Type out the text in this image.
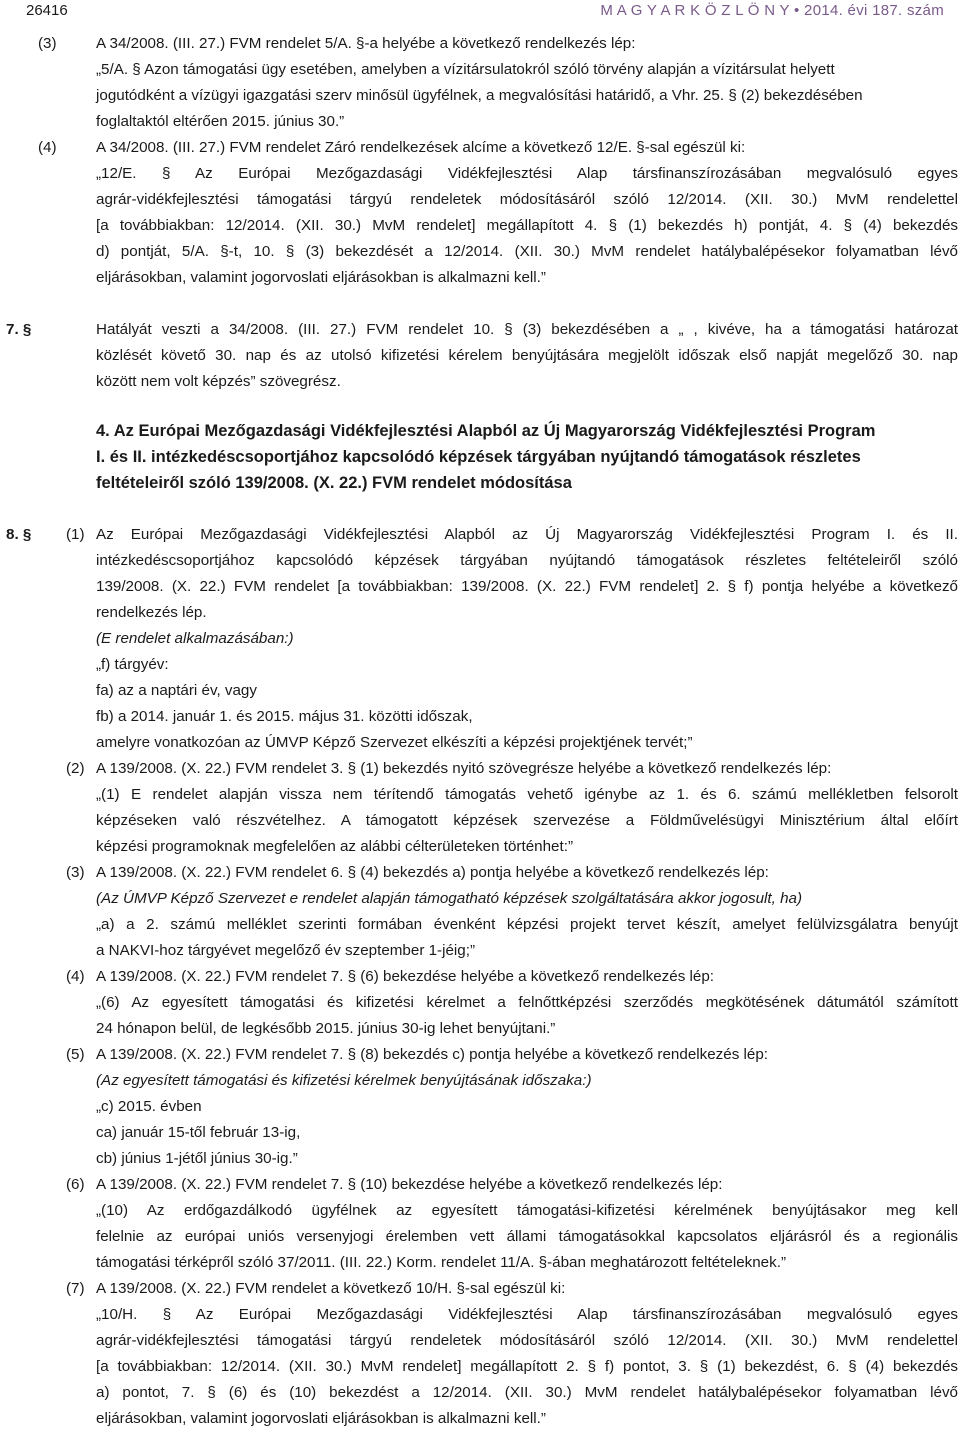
26416	M A G Y A R K Ö Z L Ö N Y • 2014. évi 187. szám
A 34/2008. (III. 27.) FVM rendelet 5/A. §-a helyébe a következő rendelkezés lép:
„5/A. § Azon támogatási ügy esetében, amelyben a vízitársulatokról szóló törvény alapján a vízitársulat helyett
jogutódként a vízügyi igazgatási szerv minősül ügyfélnek, a megvalósítási határidő, a Vhr. 25. § (2) bekezdésében
foglaltaktól eltérően 2015. június 30.”
A 34/2008. (III. 27.) FVM rendelet Záró rendelkezések alcíme a következő 12/E. §-sal egészül ki:
„12/E. § Az Európai Mezőgazdasági Vidékfejlesztési Alap társfinanszírozásában megvalósuló egyes
agrár-vidékfejlesztési támogatási tárgyú rendeletek módosításáról szóló 12/2014. (XII. 30.) MvM rendelettel
[a továbbiakban: 12/2014. (XII. 30.) MvM rendelet] megállapított 4. § (1) bekezdés h) pontját, 4. § (4) bekezdés
d) pontját, 5/A. §-t, 10. § (3) bekezdését a 12/2014. (XII. 30.) MvM rendelet hatálybalépésekor folyamatban lévő
eljárásokban, valamint jogorvoslati eljárásokban is alkalmazni kell.”
Hatályát veszti a 34/2008. (III. 27.) FVM rendelet 10. § (3) bekezdésében a „ , kivéve, ha a támogatási határozat
közlését követő 30. nap és az utolsó kifizetési kérelem benyújtására megjelölt időszak első napját megelőző 30. nap
között nem volt képzés” szövegrész.
4. Az Európai Mezőgazdasági Vidékfejlesztési Alapból az Új Magyarország Vidékfejlesztési Program
I. és II. intézkedéscsoportjához kapcsolódó képzések tárgyában nyújtandó támogatások részletes
feltételeiről szóló 139/2008. (X. 22.) FVM rendelet módosítása
Az Európai Mezőgazdasági Vidékfejlesztési Alapból az Új Magyarország Vidékfejlesztési Program I. és II.
intézkedéscsoportjához kapcsolódó képzések tárgyában nyújtandó támogatások részletes feltételeiről szóló
139/2008. (X. 22.) FVM rendelet [a továbbiakban: 139/2008. (X. 22.) FVM rendelet] 2. § f) pontja helyébe a következő
rendelkezés lép.
(E rendelet alkalmazásában:)
„f) tárgyév:
fa) az a naptári év, vagy
fb) a 2014. január 1. és 2015. május 31. közötti időszak,
amelyre vonatkozóan az ÚMVP Képző Szervezet elkészíti a képzési projektjének tervét;”
A 139/2008. (X. 22.) FVM rendelet 3. § (1) bekezdés nyitó szövegrésze helyébe a következő rendelkezés lép:
„(1) E rendelet alapján vissza nem térítendő támogatás vehető igénybe az 1. és 6. számú mellékletben felsorolt
képzéseken való részvételhez. A támogatott képzések szervezése a Földművelésügyi Minisztérium által előírt
képzési programoknak megfelelően az alábbi célterületeken történhet:”
A 139/2008. (X. 22.) FVM rendelet 6. § (4) bekezdés a) pontja helyébe a következő rendelkezés lép:
(Az ÚMVP Képző Szervezet e rendelet alapján támogatható képzések szolgáltatására akkor jogosult, ha)
„a) a 2. számú melléklet szerinti formában évenként képzési projekt tervet készít, amelyet felülvizsgálatra benyújt
a NAKVI-hoz tárgyévet megelőző év szeptember 1-jéig;”
A 139/2008. (X. 22.) FVM rendelet 7. § (6) bekezdése helyébe a következő rendelkezés lép:
„(6) Az egyesített támogatási és kifizetési kérelmet a felnőttképzési szerződés megkötésének dátumától számított
24 hónapon belül, de legkésőbb 2015. június 30-ig lehet benyújtani.”
A 139/2008. (X. 22.) FVM rendelet 7. § (8) bekezdés c) pontja helyébe a következő rendelkezés lép:
(Az egyesített támogatási és kifizetési kérelmek benyújtásának időszaka:)
„c) 2015. évben
ca) január 15-től február 13-ig,
cb) június 1-jétől június 30-ig.”
A 139/2008. (X. 22.) FVM rendelet 7. § (10) bekezdése helyébe a következő rendelkezés lép:
„(10) Az erdőgazdálkodó ügyfélnek az egyesített támogatási-kifizetési kérelmének benyújtásakor meg kell
felelnie az európai uniós versenyjogi érelemben vett állami támogatásokkal kapcsolatos eljárásról és a regionális
támogatási térképről szóló 37/2011. (III. 22.) Korm. rendelet 11/A. §-ában meghatározott feltételeknek.”
A 139/2008. (X. 22.) FVM rendelet a következő 10/H. §-sal egészül ki:
„10/H. § Az Európai Mezőgazdasági Vidékfejlesztési Alap társfinanszírozásában megvalósuló egyes
agrár-vidékfejlesztési támogatási tárgyú rendeletek módosításáról szóló 12/2014. (XII. 30.) MvM rendelettel
[a továbbiakban: 12/2014. (XII. 30.) MvM rendelet] megállapított 2. § f) pontot, 3. § (1) bekezdést, 6. § (4) bekezdés
a) pontot, 7. § (6) és (10) bekezdést a 12/2014. (XII. 30.) MvM rendelet hatálybalépésekor folyamatban lévő
eljárásokban, valamint jogorvoslati eljárásokban is alkalmazni kell.”
(3)
(4)
7. §
8. § (1)
(2)
(3)
(4)
(5)
(6)
(7)
